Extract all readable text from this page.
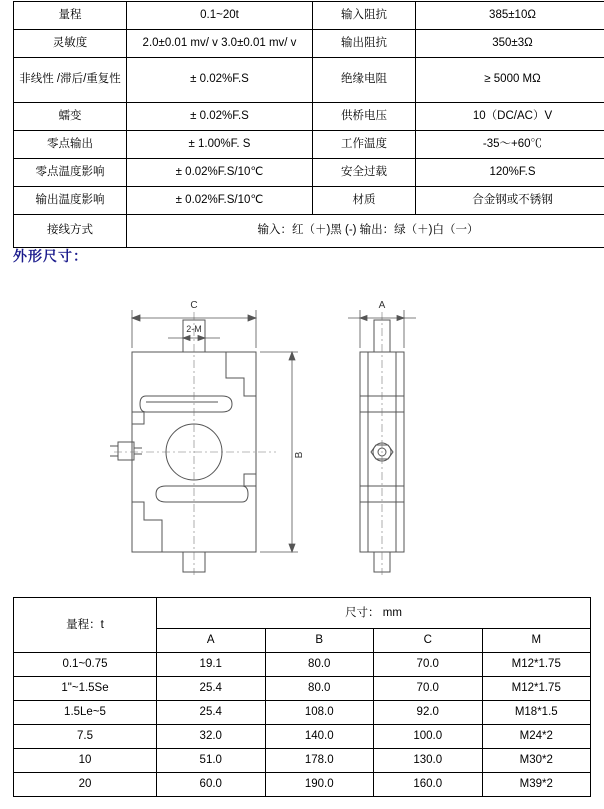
量程	0.1~20t	输入阻抗	385±10Ω
灵敏度	2.0±0.01 mv/ v 3.0±0.01 mv/ v	输出阻抗	350±3Ω
非线性 /滞后/重复性	± 0.02%F.S	绝缘电阻	≥ 5000 MΩ
蠕变	± 0.02%F.S	供桥电压	10（DC/AC）V
零点输出	± 1.00%F. S	工作温度	-35～+60℃
零点温度影响	± 0.02%F.S/10℃	安全过载	120%F.S
输出温度影响	± 0.02%F.S/10℃	材质	合金钢或不锈钢
接线方式	输入：红（＋)黑 (-) 输出：绿（＋)白（一）		
外形尺寸：
C	A
2-M
B
量程：t	尺寸： mm			
	A	B	C	M
0.1~0.75	19.1	80.0	70.0	M12*1.75
1"~1.5Se	25.4	80.0	70.0	M12*1.75
1.5Le~5	25.4	108.0	92.0	M18*1.5
7.5	32.0	140.0	100.0	M24*2
10	51.0	178.0	130.0	M30*2
20	60.0	190.0	160.0	M39*2
